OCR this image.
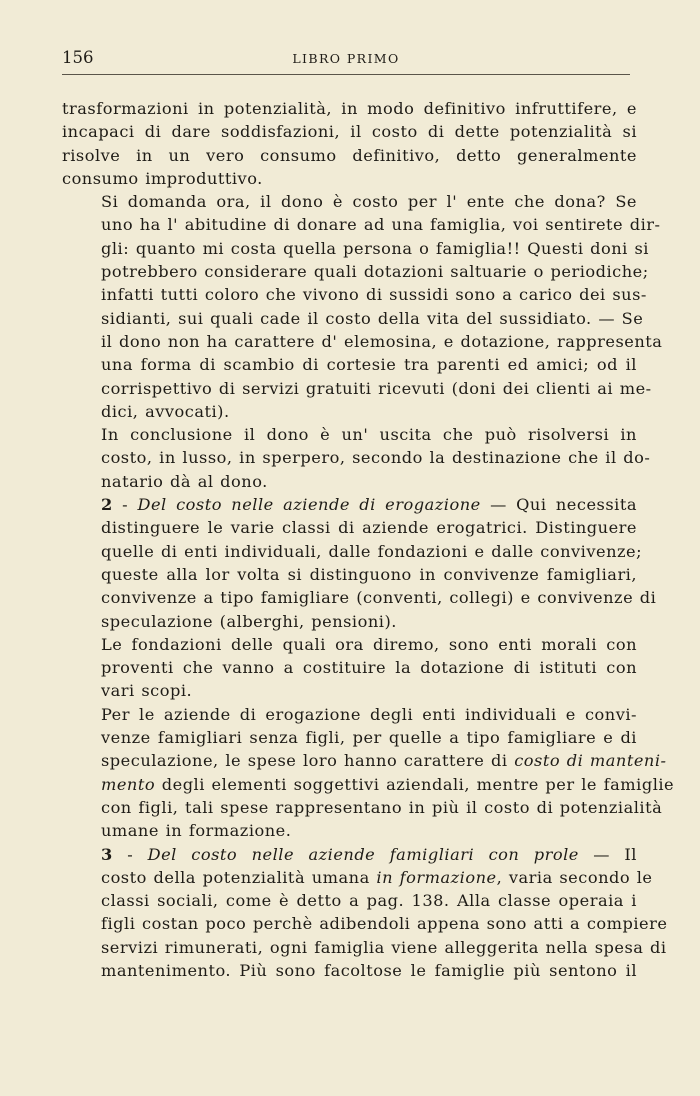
156	LIBRO PRIMO

trasformazioni in potenzialità, in modo definitivo infruttifere, e
incapaci di dare soddisfazioni, il costo di dette potenzialità si
risolve in un vero consumo definitivo, detto generalmente
consumo improduttivo.

Si domanda ora, il dono è costo per l' ente che dona? Se
uno ha l' abitudine di donare ad una famiglia, voi sentirete dir-
gli: quanto mi costa quella persona o famiglia!! Questi doni si
potrebbero considerare quali dotazioni saltuarie o periodiche;
infatti tutti coloro che vivono di sussidi sono a carico dei sus-
sidianti, sui quali cade il costo della vita del sussidiato. — Se
il dono non ha carattere d' elemosina, e dotazione, rappresenta
una forma di scambio di cortesie tra parenti ed amici; od il
corrispettivo di servizi gratuiti ricevuti (doni dei clienti ai me-
dici, avvocati).

In conclusione il dono è un' uscita che può risolversi in
costo, in lusso, in sperpero, secondo la destinazione che il do-
natario dà al dono.

2 - Del costo nelle aziende di erogazione — Qui necessita
distinguere le varie classi di aziende erogatrici. Distinguere
quelle di enti individuali, dalle fondazioni e dalle convivenze;
queste alla lor volta si distinguono in convivenze famigliari,
convivenze a tipo famigliare (conventi, collegi) e convivenze di
speculazione (alberghi, pensioni).

Le fondazioni delle quali ora diremo, sono enti morali con
proventi che vanno a costituire la dotazione di istituti con
vari scopi.

Per le aziende di erogazione degli enti individuali e convi-
venze famigliari senza figli, per quelle a tipo famigliare e di
speculazione, le spese loro hanno carattere di costo di manteni-
mento degli elementi soggettivi aziendali, mentre per le famiglie
con figli, tali spese rappresentano in più il costo di potenzialità
umane in formazione.

3 - Del costo nelle aziende famigliari con prole — Il
costo della potenzialità umana in formazione, varia secondo le
classi sociali, come è detto a pag. 138. Alla classe operaia i
figli costan poco perchè adibendoli appena sono atti a compiere
servizi rimunerati, ogni famiglia viene alleggerita nella spesa di
mantenimento. Più sono facoltose le famiglie più sentono il
